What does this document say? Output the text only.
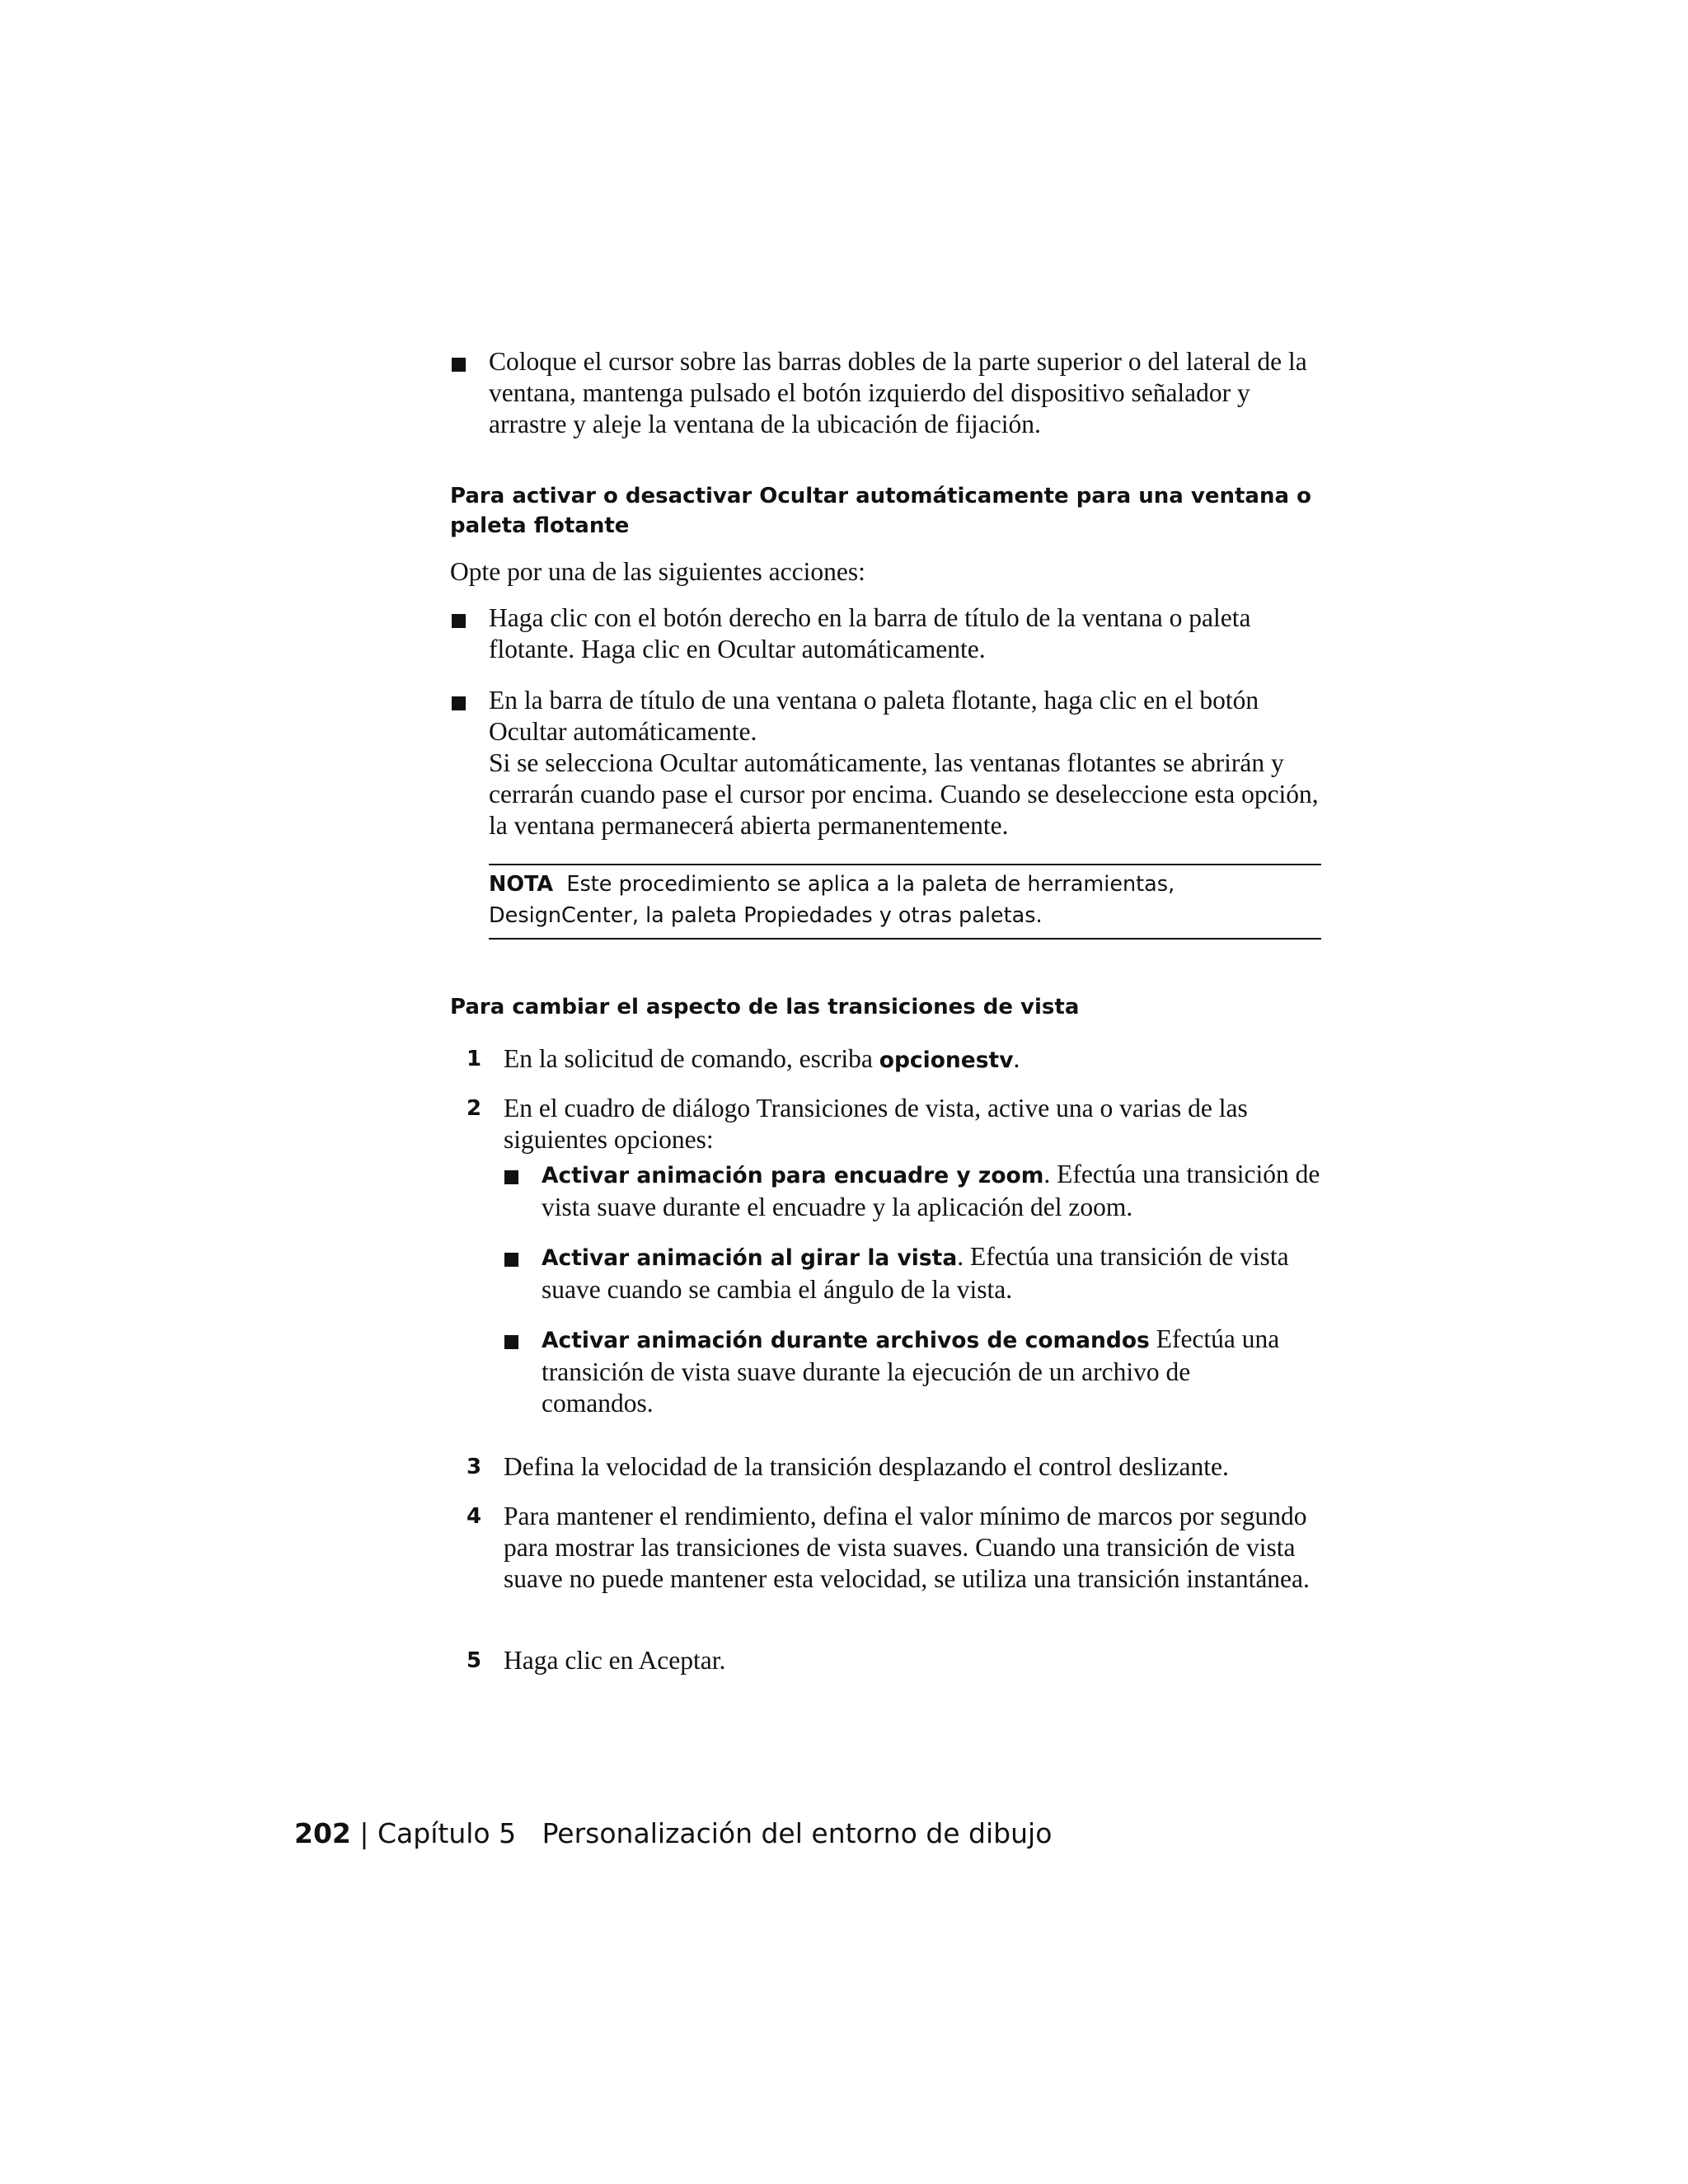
Coloque el cursor sobre las barras dobles de la parte superior o del lateral de la ventana, mantenga pulsado el botón izquierdo del dispositivo señalador y arrastre y aleje la ventana de la ubicación de fijación.
Para activar o desactivar Ocultar automáticamente para una ventana o paleta flotante
Opte por una de las siguientes acciones:
Haga clic con el botón derecho en la barra de título de la ventana o paleta flotante. Haga clic en Ocultar automáticamente.
En la barra de título de una ventana o paleta flotante, haga clic en el botón Ocultar automáticamente.
Si se selecciona Ocultar automáticamente, las ventanas flotantes se abrirán y cerrarán cuando pase el cursor por encima. Cuando se deseleccione esta opción, la ventana permanecerá abierta permanentemente.
NOTA Este procedimiento se aplica a la paleta de herramientas, DesignCenter, la paleta Propiedades y otras paletas.
Para cambiar el aspecto de las transiciones de vista
1 En la solicitud de comando, escriba opcionestv.
2 En el cuadro de diálogo Transiciones de vista, active una o varias de las siguientes opciones:
Activar animación para encuadre y zoom. Efectúa una transición de vista suave durante el encuadre y la aplicación del zoom.
Activar animación al girar la vista. Efectúa una transición de vista suave cuando se cambia el ángulo de la vista.
Activar animación durante archivos de comandos Efectúa una transición de vista suave durante la ejecución de un archivo de comandos.
3 Defina la velocidad de la transición desplazando el control deslizante.
4 Para mantener el rendimiento, defina el valor mínimo de marcos por segundo para mostrar las transiciones de vista suaves. Cuando una transición de vista suave no puede mantener esta velocidad, se utiliza una transición instantánea.
5 Haga clic en Aceptar.
202 | Capítulo 5 Personalización del entorno de dibujo
